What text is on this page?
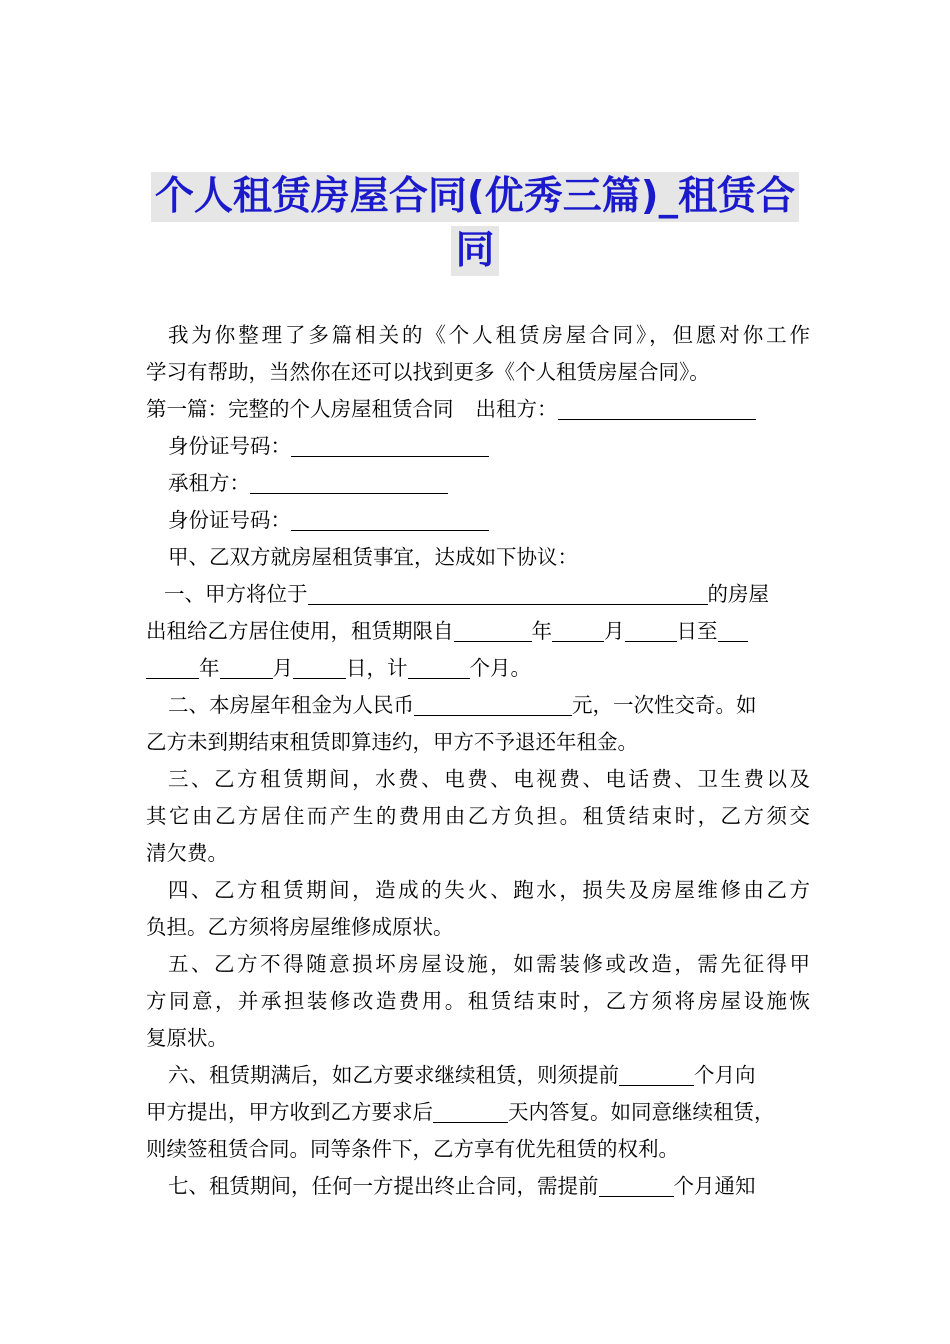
个人租赁房屋合同(优秀三篇)_租赁合
同
我为你整理了多篇相关的《个人租赁房屋合同》，但愿对你工作
学习有帮助，当然你在还可以找到更多《个人租赁房屋合同》。
第一篇：完整的个人房屋租赁合同 出租方：
身份证号码：
承租方：
身份证号码：
甲、乙双方就房屋租赁事宜，达成如下协议：
一、甲方将位于	的房屋
出租给乙方居住使用，租赁期限自	年	月	日至
年	月	日，计	个月。
二、本房屋年租金为人民币	元，一次性交奇。如
乙方未到期结束租赁即算违约，甲方不予退还年租金。
三、乙方租赁期间，水费、电费、电视费、电话费、卫生费以及
其它由乙方居住而产生的费用由乙方负担。租赁结束时，乙方须交
清欠费。
四、乙方租赁期间，造成的失火、跑水，损失及房屋维修由乙方
负担。乙方须将房屋维修成原状。
五、乙方不得随意损坏房屋设施，如需装修或改造，需先征得甲
方同意，并承担装修改造费用。租赁结束时，乙方须将房屋设施恢
复原状。
六、租赁期满后，如乙方要求继续租赁，则须提前	个月向
甲方提出，甲方收到乙方要求后	天内答复。如同意继续租赁，
则续签租赁合同。同等条件下，乙方享有优先租赁的权利。
七、租赁期间，任何一方提出终止合同，需提前	个月通知
